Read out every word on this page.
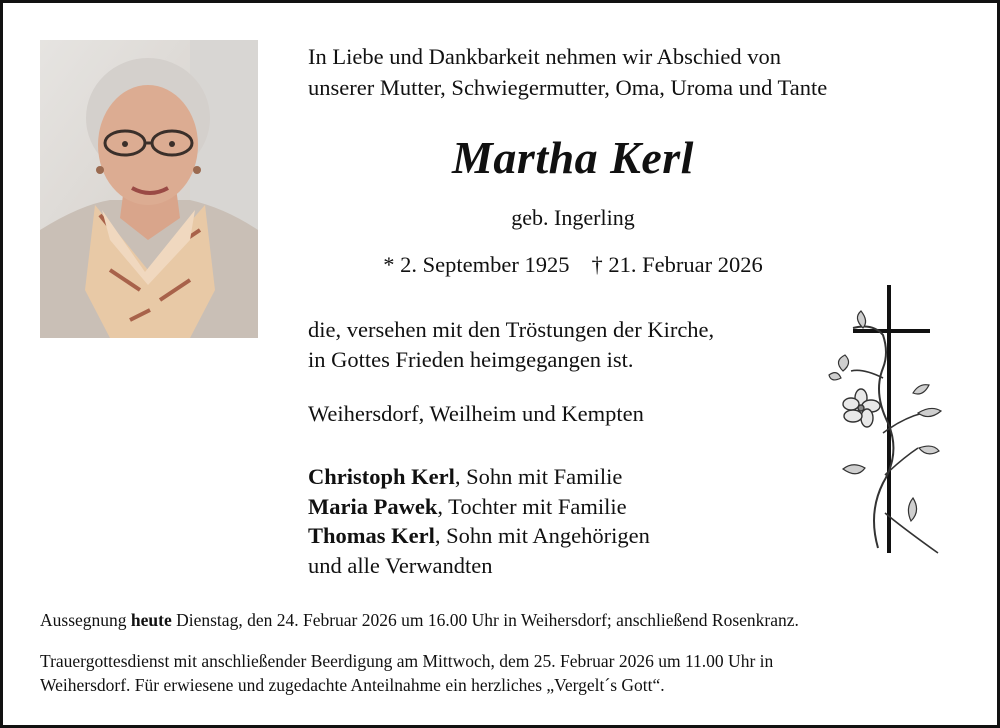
In Liebe und Dankbarkeit nehmen wir Abschied von
unserer Mutter, Schwiegermutter, Oma, Uroma und Tante
Martha Kerl
geb. Ingerling
* 2. September 1925 † 21. Februar 2026
die, versehen mit den Tröstungen der Kirche,
in Gottes Frieden heimgegangen ist.
Weihersdorf, Weilheim und Kempten
Christoph Kerl, Sohn mit Familie
Maria Pawek, Tochter mit Familie
Thomas Kerl, Sohn mit Angehörigen
und alle Verwandten
Aussegnung heute Dienstag, den 24. Februar 2026 um 16.00 Uhr in Weihersdorf; anschließend Rosenkranz.
Trauergottesdienst mit anschließender Beerdigung am Mittwoch, dem 25. Februar 2026 um 11.00 Uhr in
Weihersdorf. Für erwiesene und zugedachte Anteilnahme ein herzliches „Vergelt´s Gott“.
